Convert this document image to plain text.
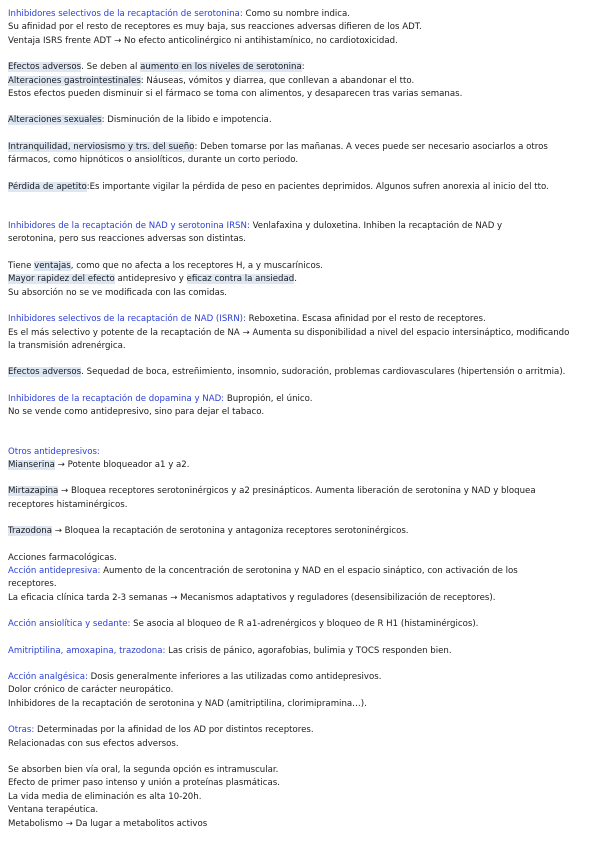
Inhibidores selectivos de la recaptación de serotonina: Como su nombre indica.
Su afinidad por el resto de receptores es muy baja, sus reacciones adversas difieren de los ADT.
Ventaja ISRS frente ADT → No efecto anticolinérgico ni antihistamínico, no cardiotoxicidad.
Efectos adversos. Se deben al aumento en los niveles de serotonina:
Alteraciones gastrointestinales: Náuseas, vómitos y diarrea, que conllevan a abandonar el tto.
Estos efectos pueden disminuir si el fármaco se toma con alimentos, y desaparecen tras varias semanas.
Alteraciones sexuales: Disminución de la libido e impotencia.
Intranquilidad, nerviosismo y trs. del sueño: Deben tomarse por las mañanas. A veces puede ser necesario asociarlos a otros
fármacos, como hipnóticos o ansiolíticos, durante un corto periodo.
Pérdida de apetito:Es importante vigilar la pérdida de peso en pacientes deprimidos. Algunos sufren anorexia al inicio del tto.
Inhibidores de la recaptación de NAD y serotonina IRSN: Venlafaxina y duloxetina. Inhiben la recaptación de NAD y
serotonina, pero sus reacciones adversas son distintas.
Tiene ventajas, como que no afecta a los receptores H, a y muscarínicos.
Mayor rapidez del efecto antidepresivo y eficaz contra la ansiedad.
Su absorción no se ve modificada con las comidas.
Inhibidores selectivos de la recaptación de NAD (ISRN): Reboxetina. Escasa afinidad por el resto de receptores.
Es el más selectivo y potente de la recaptación de NA → Aumenta su disponibilidad a nivel del espacio intersináptico, modificando
la transmisión adrenérgica.
Efectos adversos. Sequedad de boca, estreñimiento, insomnio, sudoración, problemas cardiovasculares (hipertensión o arritmia).
Inhibidores de la recaptación de dopamina y NAD: Bupropión, el único.
No se vende como antidepresivo, sino para dejar el tabaco.
Otros antidepresivos:
Mianserina → Potente bloqueador a1 y a2.
Mirtazapina → Bloquea receptores serotoninérgicos y a2 presinápticos. Aumenta liberación de serotonina y NAD y bloquea
receptores histaminérgicos.
Trazodona → Bloquea la recaptación de serotonina y antagoniza receptores serotoninérgicos.
Acciones farmacológicas.
Acción antidepresiva: Aumento de la concentración de serotonina y NAD en el espacio sináptico, con activación de los
receptores.
La eficacia clínica tarda 2-3 semanas → Mecanismos adaptativos y reguladores (desensibilización de receptores).
Acción ansiolítica y sedante: Se asocia al bloqueo de R a1-adrenérgicos y bloqueo de R H1 (histaminérgicos).
Amitriptilina, amoxapina, trazodona: Las crisis de pánico, agorafobias, bulimia y TOCS responden bien.
Acción analgésica: Dosis generalmente inferiores a las utilizadas como antidepresivos.
Dolor crónico de carácter neuropático.
Inhibidores de la recaptación de serotonina y NAD (amitriptilina, clorimipramina…).
Otras: Determinadas por la afinidad de los AD por distintos receptores.
Relacionadas con sus efectos adversos.
Se absorben bien vía oral, la segunda opción es intramuscular.
Efecto de primer paso intenso y unión a proteínas plasmáticas.
La vida media de eliminación es alta 10-20h.
Ventana terapéutica.
Metabolismo → Da lugar a metabolitos activos
